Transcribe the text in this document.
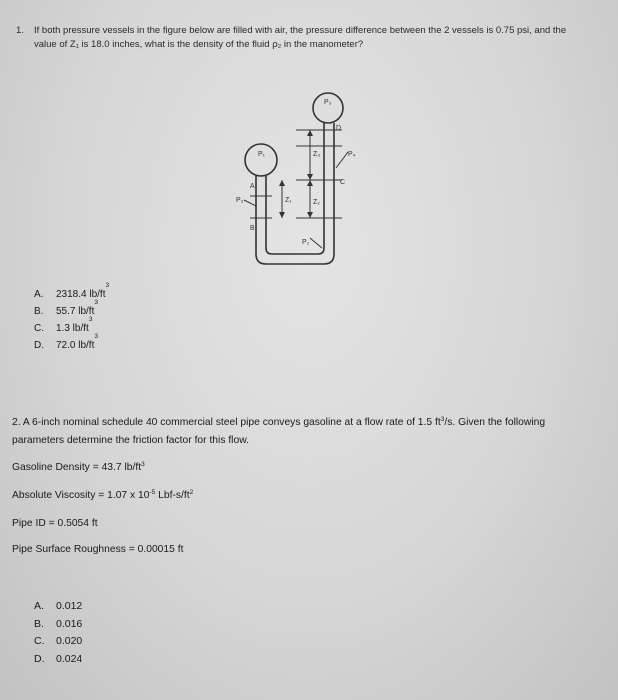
1. If both pressure vessels in the figure below are filled with air, the pressure difference between the 2 vessels is 0.75 psi, and the value of Z₁ is 18.0 inches, what is the density of the fluid ρ₂ in the manometer?
P₁
P₃
P₃
P₄
P₂
A
B
C
D
Z₁	Z₂
Z₃
A.	2318.4 lb/ft
3
B.	55.7 lb/ft
3
C.	1.3 lb/ft
3
D.	72.0 lb/ft
3
2. A 6-inch nominal schedule 40 commercial steel pipe conveys gasoline at a flow rate of 1.5 $ft^3/s$. Given the following parameters determine the friction factor for this flow.
Gasoline Density = 43.7 $lb/ft^3$
Absolute Viscosity = 1.07 x $10^{-5}$ Lbf-$s/ft^2$
Pipe ID = 0.5054 ft
Pipe Surface Roughness = 0.00015 ft
A.	0.012
B.	0.016
C.	0.020
D.	0.024
